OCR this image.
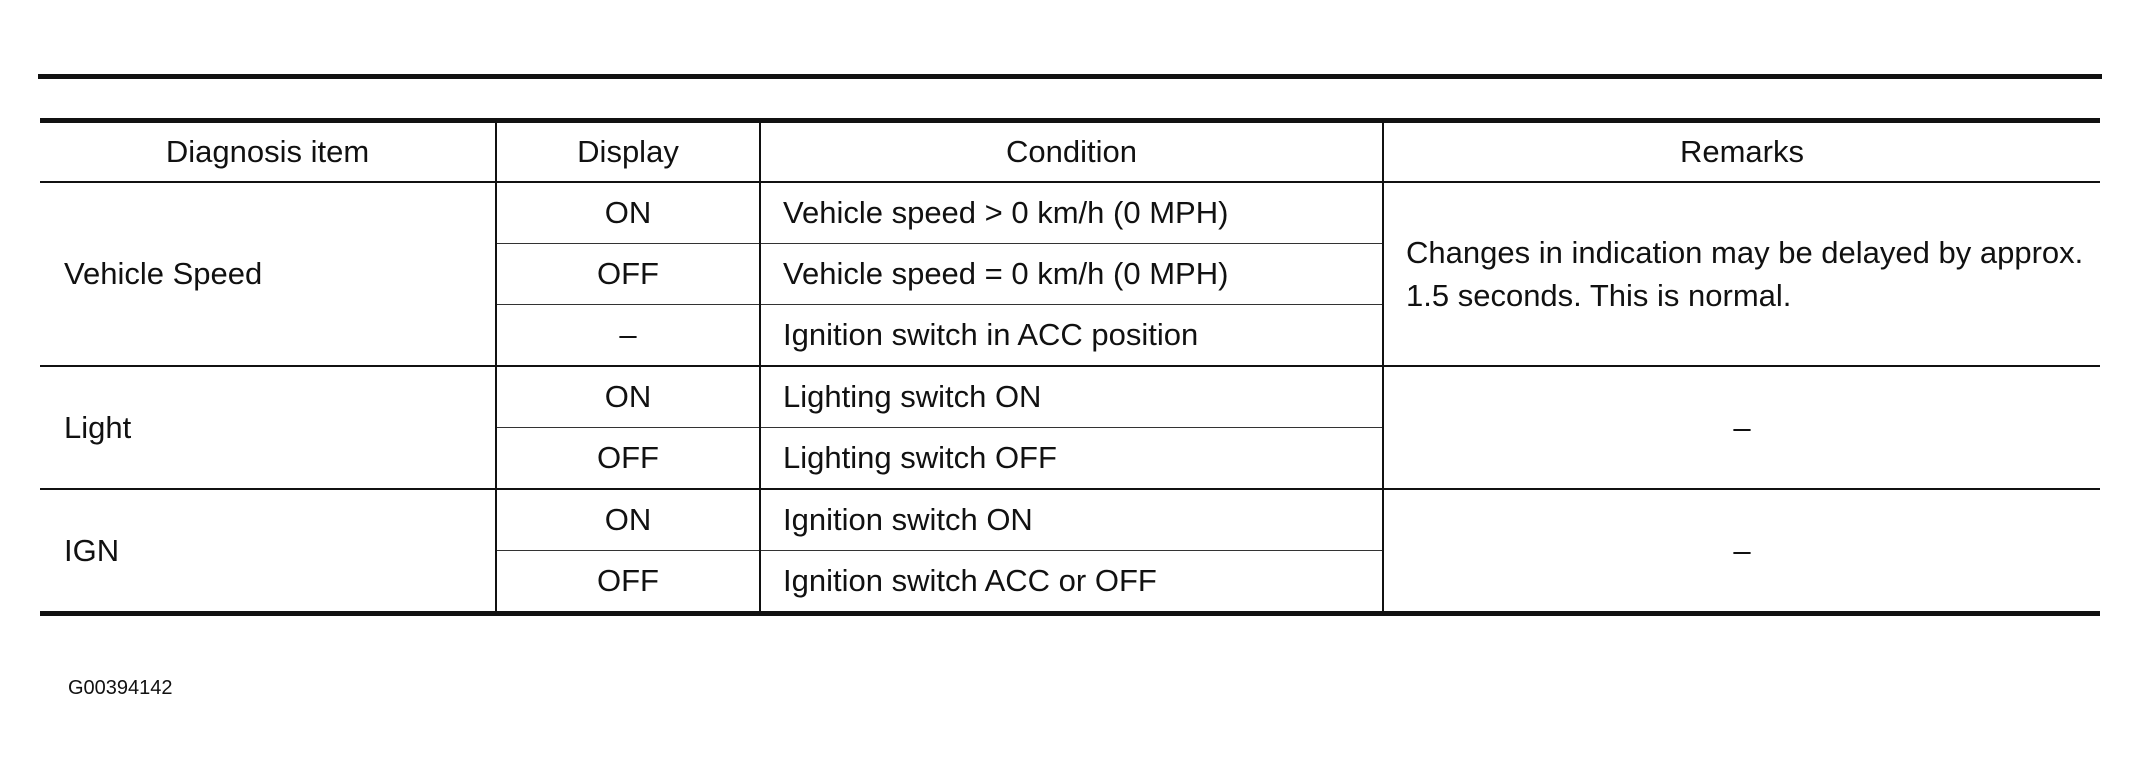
Diagnosis item	Display	Condition	Remarks
Vehicle Speed	ON	Vehicle speed > 0 km/h (0 MPH)	Changes in indication may be delayed by approx. 1.5 seconds. This is normal.
	OFF	Vehicle speed = 0 km/h (0 MPH)	
	–	Ignition switch in ACC position	
Light	ON	Lighting switch ON	–
	OFF	Lighting switch OFF	
IGN	ON	Ignition switch ON	–
	OFF	Ignition switch ACC or OFF	
G00394142
